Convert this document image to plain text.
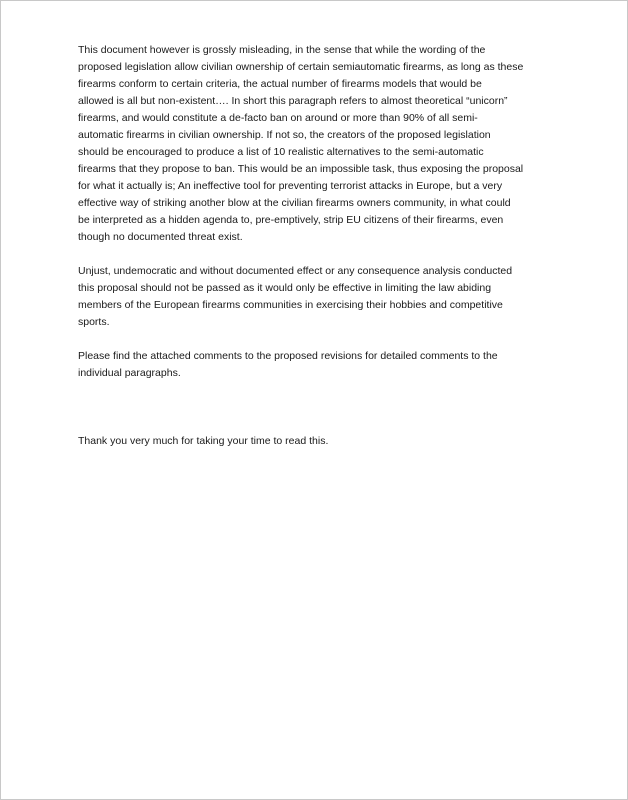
This document however is grossly misleading, in the sense that while the wording of the
proposed legislation allow civilian ownership of certain semiautomatic firearms, as long as these
firearms conform to certain criteria, the actual number of firearms models that would be
allowed is all but non-existent…. In short this paragraph refers to almost theoretical “unicorn”
firearms, and would constitute a de-facto ban on around or more than 90% of all semi-
automatic firearms in civilian ownership. If not so, the creators of the proposed legislation
should be encouraged to produce a list of 10 realistic alternatives to the semi-automatic
firearms that they propose to ban. This would be an impossible task, thus exposing the proposal
for what it actually is; An ineffective tool for preventing terrorist attacks in Europe, but a very
effective way of striking another blow at the civilian firearms owners community, in what could
be interpreted as a hidden agenda to, pre-emptively, strip EU citizens of their firearms, even
though no documented threat exist.

Unjust, undemocratic and without documented effect or any consequence analysis conducted
this proposal should not be passed as it would only be effective in limiting the law abiding
members of the European firearms communities in exercising their hobbies and competitive
sports.

Please find the attached comments to the proposed revisions for detailed comments to the
individual paragraphs.

Thank you very much for taking your time to read this.
